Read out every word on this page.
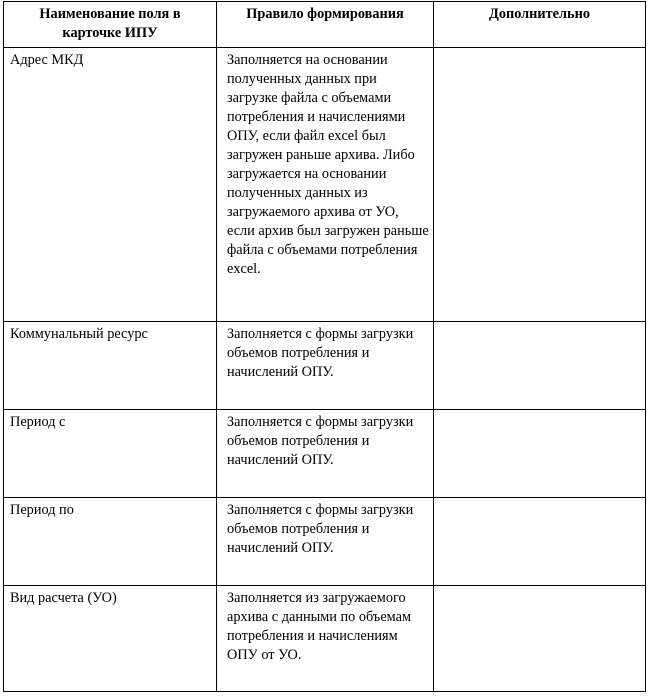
Наименование поля в карточке ИПУ	Правило формирования	Дополнительно
Адрес МКД	Заполняется на основании полученных данных при загрузке файла с объемами потребления и начислениями ОПУ, если файл excel был загружен раньше архива. Либо загружается на основании полученных данных из загружаемого архива от УО, если архив был загружен раньше файла с объемами потребления excel.	
Коммунальный ресурс	Заполняется с формы загрузки объемов потребления и начислений ОПУ.	
Период с	Заполняется с формы загрузки объемов потребления и начислений ОПУ.	
Период по	Заполняется с формы загрузки объемов потребления и начислений ОПУ.	
Вид расчета (УО)	Заполняется из загружаемого архива с данными по объемам потребления и начислениям ОПУ от УО.	
